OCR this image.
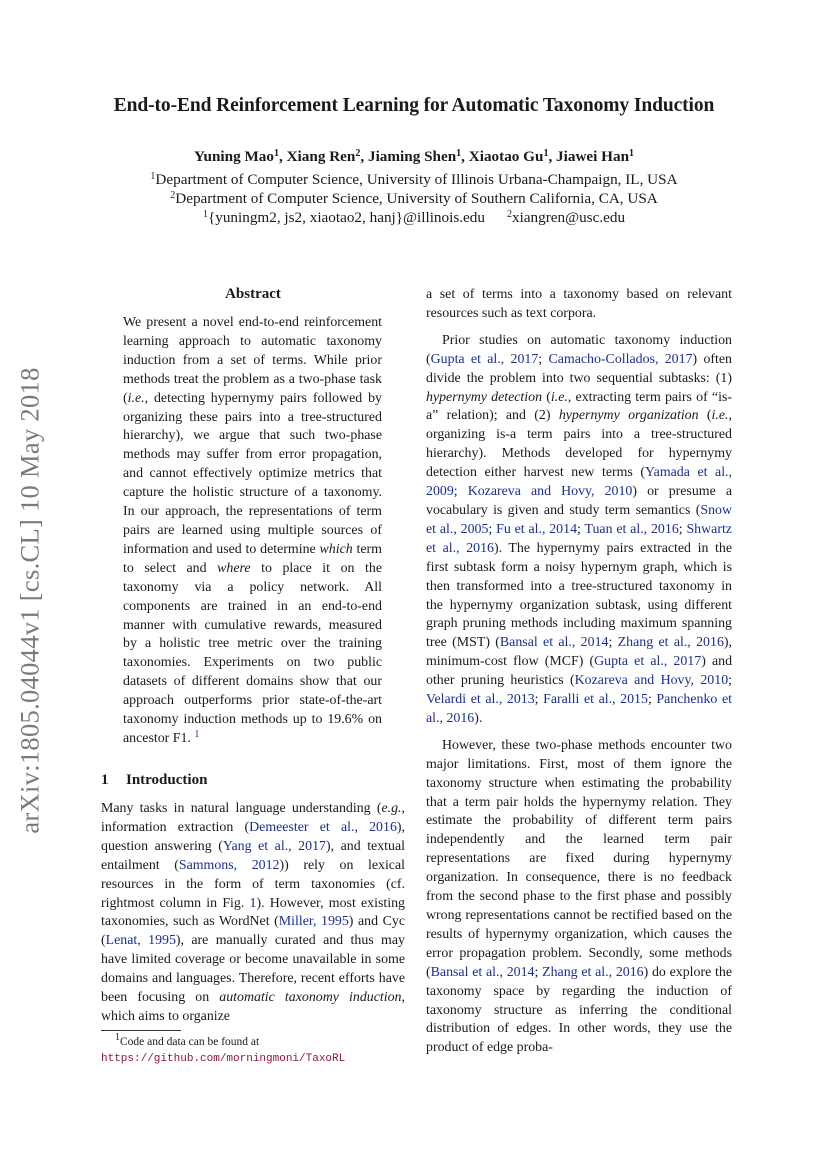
arXiv:1805.04044v1 [cs.CL] 10 May 2018
End-to-End Reinforcement Learning for Automatic Taxonomy Induction
Yuning Mao$^1$, Xiang Ren$^2$, Jiaming Shen$^1$, Xiaotao Gu$^1$, Jiawei Han$^1$
$^1$Department of Computer Science, University of Illinois Urbana-Champaign, IL, USA
$^2$Department of Computer Science, University of Southern California, CA, USA
$^1${yuningm2, js2, xiaotao2, hanj}@illinois.edu $^2$xiangren@usc.edu
Abstract
We present a novel end-to-end reinforcement learning approach to automatic taxonomy induction from a set of terms. While prior methods treat the problem as a two-phase task (i.e., detecting hypernymy pairs followed by organizing these pairs into a tree-structured hierarchy), we argue that such two-phase methods may suffer from error propagation, and cannot effectively optimize metrics that capture the holistic structure of a taxonomy. In our approach, the representations of term pairs are learned using multiple sources of information and used to determine which term to select and where to place it on the taxonomy via a policy network. All components are trained in an end-to-end manner with cumulative rewards, measured by a holistic tree metric over the training taxonomies. Experiments on two public datasets of different domains show that our approach outperforms prior state-of-the-art taxonomy induction methods up to 19.6% on ancestor F1. $^1$
1 Introduction
Many tasks in natural language understanding (e.g., information extraction (Demeester et al., 2016), question answering (Yang et al., 2017), and textual entailment (Sammons, 2012)) rely on lexical resources in the form of term taxonomies (cf. rightmost column in Fig. 1). However, most existing taxonomies, such as WordNet (Miller, 1995) and Cyc (Lenat, 1995), are manually curated and thus may have limited coverage or become unavailable in some domains and languages. Therefore, recent efforts have been focusing on automatic taxonomy induction, which aims to organize
$^1$Code and data can be found at https://github.com/morningmoni/TaxoRL

a set of terms into a taxonomy based on relevant resources such as text corpora.

Prior studies on automatic taxonomy induction (Gupta et al., 2017; Camacho-Collados, 2017) often divide the problem into two sequential subtasks: (1) hypernymy detection (i.e., extracting term pairs of “is-a” relation); and (2) hypernymy organization (i.e., organizing is-a term pairs into a tree-structured hierarchy). Methods developed for hypernymy detection either harvest new terms (Yamada et al., 2009; Kozareva and Hovy, 2010) or presume a vocabulary is given and study term semantics (Snow et al., 2005; Fu et al., 2014; Tuan et al., 2016; Shwartz et al., 2016). The hypernymy pairs extracted in the first subtask form a noisy hypernym graph, which is then transformed into a tree-structured taxonomy in the hypernymy organization subtask, using different graph pruning methods including maximum spanning tree (MST) (Bansal et al., 2014; Zhang et al., 2016), minimum-cost flow (MCF) (Gupta et al., 2017) and other pruning heuristics (Kozareva and Hovy, 2010; Velardi et al., 2013; Faralli et al., 2015; Panchenko et al., 2016).

However, these two-phase methods encounter two major limitations. First, most of them ignore the taxonomy structure when estimating the probability that a term pair holds the hypernymy relation. They estimate the probability of different term pairs independently and the learned term pair representations are fixed during hypernymy organization. In consequence, there is no feedback from the second phase to the first phase and possibly wrong representations cannot be rectified based on the results of hypernymy organization, which causes the error propagation problem. Secondly, some methods (Bansal et al., 2014; Zhang et al., 2016) do explore the taxonomy space by regarding the induction of taxonomy structure as inferring the conditional distribution of edges. In other words, they use the product of edge proba-
